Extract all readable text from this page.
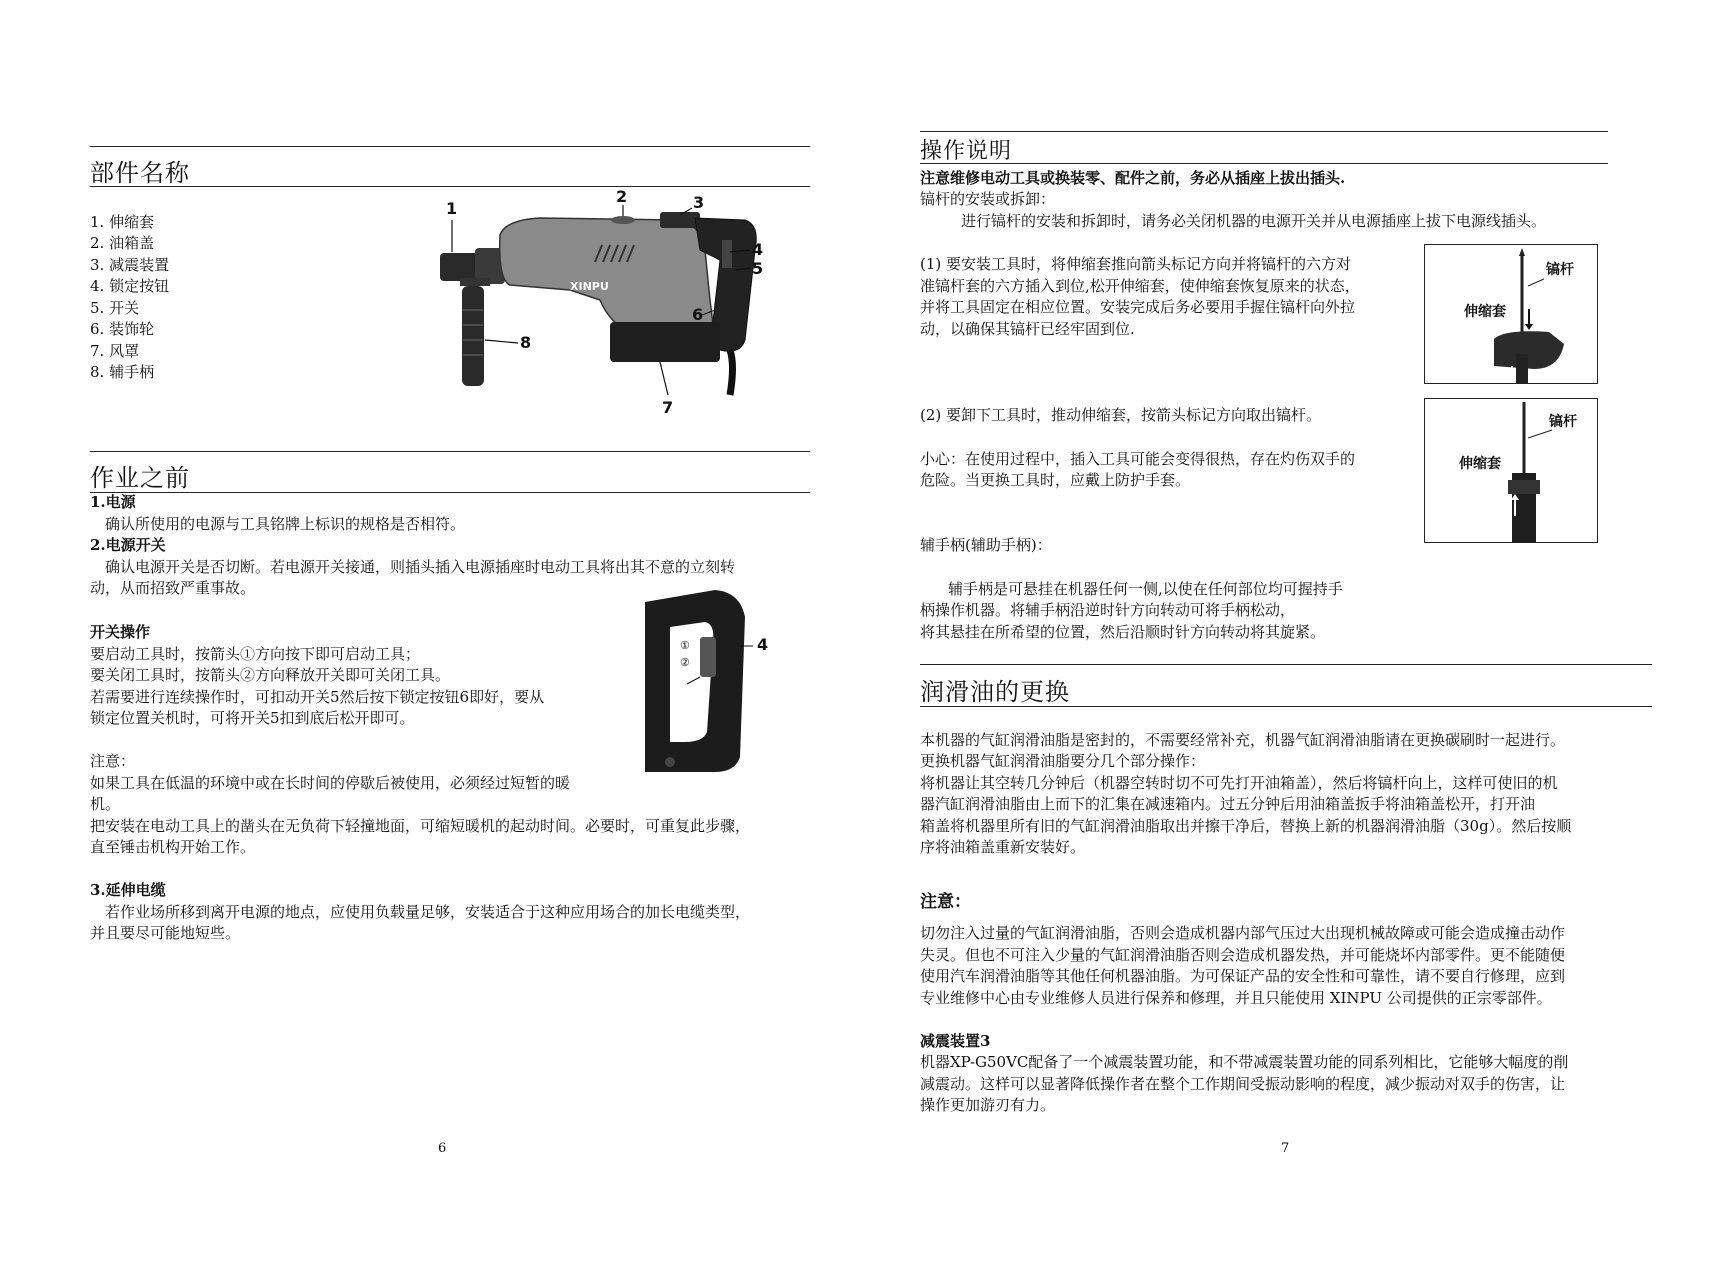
部件名称
1. 伸缩套
2. 油箱盖
3. 减震装置
4. 锁定按钮
5. 开关
6. 装饰轮
7. 风罩
8. 辅手柄
XINPU
1
2	3
4
5
6
7
8
作业之前
1.电源
确认所使用的电源与工具铭牌上标识的规格是否相符。
2.电源开关
确认电源开关是否切断。若电源开关接通，则插头插入电源插座时电动工具将出其不意的立刻转
动，从而招致严重事故。
开关操作
要启动工具时，按箭头①方向按下即可启动工具；
要关闭工具时，按箭头②方向释放开关即可关闭工具。
若需要进行连续操作时，可扣动开关5然后按下锁定按钮6即好，要从
锁定位置关机时，可将开关5扣到底后松开即可。
①
②
4
5
注意：
如果工具在低温的环境中或在长时间的停歇后被使用，必须经过短暂的暖
机。
把安装在电动工具上的凿头在无负荷下轻撞地面，可缩短暖机的起动时间。必要时，可重复此步骤，
直至锤击机构开始工作。
3.延伸电缆
若作业场所移到离开电源的地点，应使用负载量足够，安装适合于这种应用场合的加长电缆类型，
并且要尽可能地短些。
6
操作说明
注意维修电动工具或换装零、配件之前，务必从插座上拔出插头.
镐杆的安装或拆卸：
进行镐杆的安装和拆卸时，请务必关闭机器的电源开关并从电源插座上拔下电源线插头。
(1) 要安装工具时，将伸缩套推向箭头标记方向并将镐杆的六方对
准镐杆套的六方插入到位,松开伸缩套，使伸缩套恢复原来的状态，
并将工具固定在相应位置。安装完成后务必要用手握住镐杆向外拉
动，以确保其镐杆已经牢固到位.
镐杆
伸缩套
(2) 要卸下工具时，推动伸缩套，按箭头标记方向取出镐杆。
小心：在使用过程中，插入工具可能会变得很热，存在灼伤双手的
危险。当更换工具时，应戴上防护手套。
镐杆
伸缩套
辅手柄(辅助手柄)：
辅手柄是可悬挂在机器任何一侧,以使在任何部位均可握持手
柄操作机器。将辅手柄沿逆时针方向转动可将手柄松动，
将其悬挂在所希望的位置，然后沿顺时针方向转动将其旋紧。
润滑油的更换
本机器的气缸润滑油脂是密封的，不需要经常补充，机器气缸润滑油脂请在更换碳刷时一起进行。
更换机器气缸润滑油脂要分几个部分操作：
将机器让其空转几分钟后（机器空转时切不可先打开油箱盖），然后将镐杆向上，这样可使旧的机
器汽缸润滑油脂由上而下的汇集在减速箱内。过五分钟后用油箱盖扳手将油箱盖松开，打开油
箱盖将机器里所有旧的气缸润滑油脂取出并擦干净后，替换上新的机器润滑油脂（30g）。然后按顺
序将油箱盖重新安装好。
注意：
切勿注入过量的气缸润滑油脂，否则会造成机器内部气压过大出现机械故障或可能会造成撞击动作
失灵。但也不可注入少量的气缸润滑油脂否则会造成机器发热，并可能烧坏内部零件。更不能随便
使用汽车润滑油脂等其他任何机器油脂。为可保证产品的安全性和可靠性，请不要自行修理，应到
专业维修中心由专业维修人员进行保养和修理，并且只能使用 XINPU 公司提供的正宗零部件。
减震装置3
机器XP-G50VC配备了一个减震装置功能，和不带减震装置功能的同系列相比，它能够大幅度的削
减震动。这样可以显著降低操作者在整个工作期间受振动影响的程度，减少振动对双手的伤害，让
操作更加游刃有力。
7
